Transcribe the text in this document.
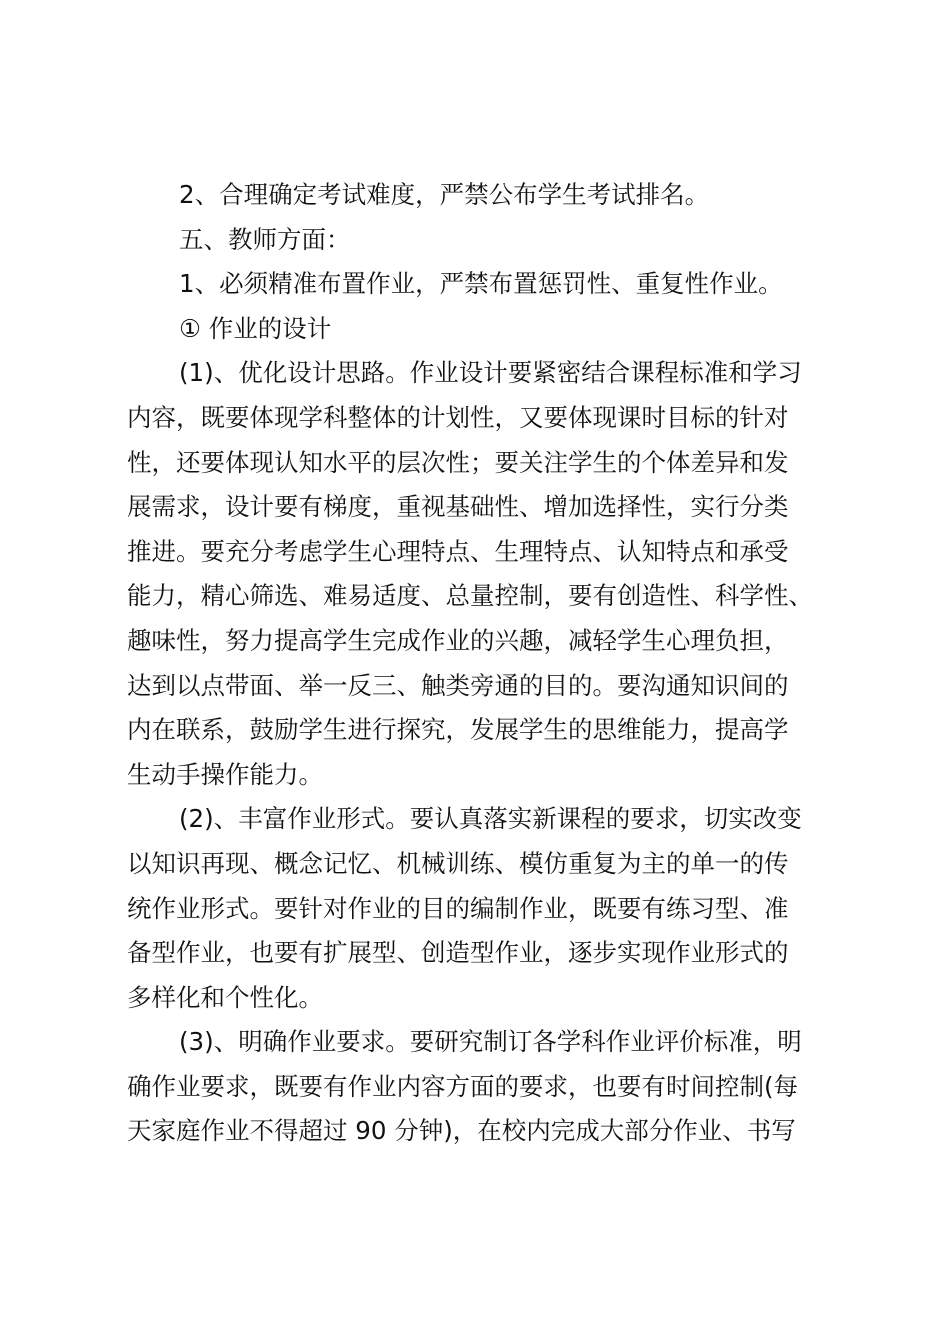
2、合理确定考试难度，严禁公布学生考试排名。
五、教师方面：
1、必须精准布置作业，严禁布置惩罚性、重复性作业。
① 作业的设计
(1)、优化设计思路。作业设计要紧密结合课程标准和学习
内容，既要体现学科整体的计划性，又要体现课时目标的针对
性，还要体现认知水平的层次性；要关注学生的个体差异和发
展需求，设计要有梯度，重视基础性、增加选择性，实行分类
推进。要充分考虑学生心理特点、生理特点、认知特点和承受
能力，精心筛选、难易适度、总量控制，要有创造性、科学性、
趣味性，努力提高学生完成作业的兴趣，减轻学生心理负担，
达到以点带面、举一反三、触类旁通的目的。要沟通知识间的
内在联系，鼓励学生进行探究，发展学生的思维能力，提高学
生动手操作能力。
(2)、丰富作业形式。要认真落实新课程的要求，切实改变
以知识再现、概念记忆、机械训练、模仿重复为主的单一的传
统作业形式。要针对作业的目的编制作业，既要有练习型、准
备型作业，也要有扩展型、创造型作业，逐步实现作业形式的
多样化和个性化。
(3)、明确作业要求。要研究制订各学科作业评价标准，明
确作业要求，既要有作业内容方面的要求，也要有时间控制(每
天家庭作业不得超过 90 分钟)，在校内完成大部分作业、书写
